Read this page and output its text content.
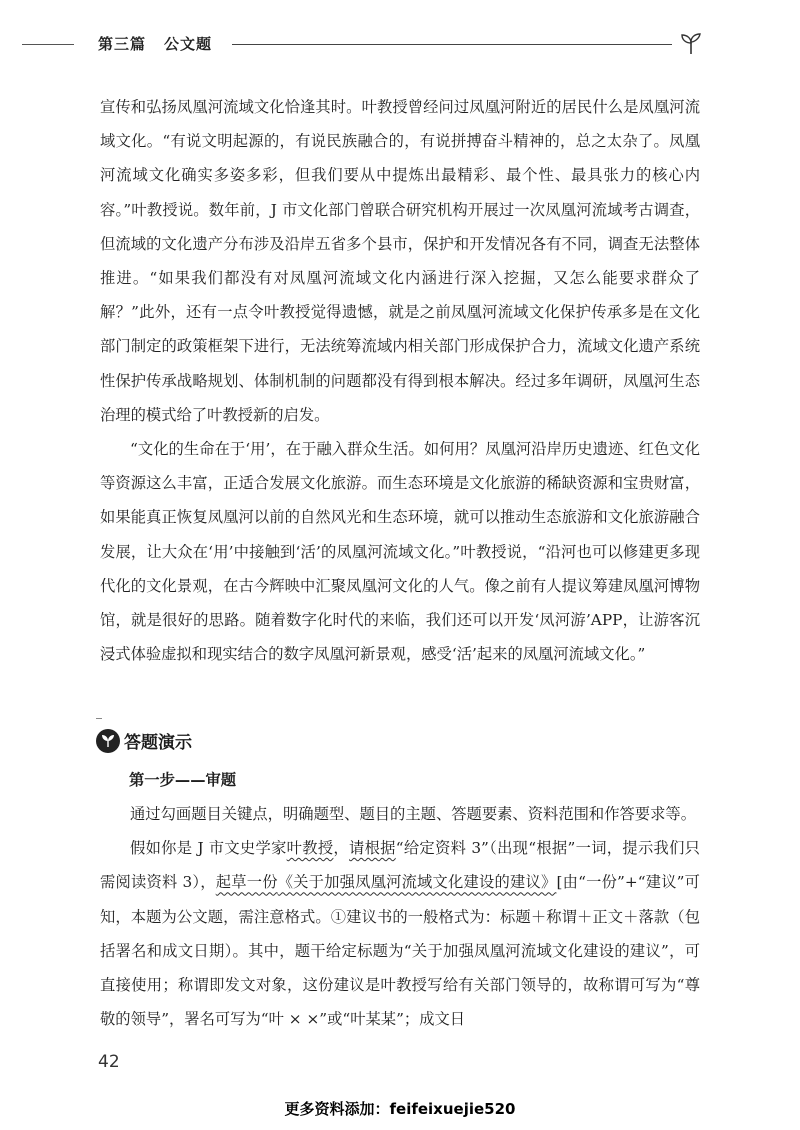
第三篇 公文题

宣传和弘扬凤凰河流域文化恰逢其时。叶教授曾经问过凤凰河附近的居民什么是凤凰河流域文化。“有说文明起源的，有说民族融合的，有说拼搏奋斗精神的，总之太杂了。凤凰河流域文化确实多姿多彩，但我们要从中提炼出最精彩、最个性、最具张力的核心内容。”叶教授说。数年前，J 市文化部门曾联合研究机构开展过一次凤凰河流域考古调查，但流域的文化遗产分布涉及沿岸五省多个县市，保护和开发情况各有不同，调查无法整体推进。“如果我们都没有对凤凰河流域文化内涵进行深入挖掘，又怎么能要求群众了解？”此外，还有一点令叶教授觉得遗憾，就是之前凤凰河流域文化保护传承多是在文化部门制定的政策框架下进行，无法统筹流域内相关部门形成保护合力，流域文化遗产系统性保护传承战略规划、体制机制的问题都没有得到根本解决。经过多年调研，凤凰河生态治理的模式给了叶教授新的启发。

“文化的生命在于‘用’，在于融入群众生活。如何用？凤凰河沿岸历史遗迹、红色文化等资源这么丰富，正适合发展文化旅游。而生态环境是文化旅游的稀缺资源和宝贵财富，如果能真正恢复凤凰河以前的自然风光和生态环境，就可以推动生态旅游和文化旅游融合发展，让大众在‘用’中接触到‘活’的凤凰河流域文化。”叶教授说，“沿河也可以修建更多现代化的文化景观，在古今辉映中汇聚凤凰河文化的人气。像之前有人提议筹建凤凰河博物馆，就是很好的思路。随着数字化时代的来临，我们还可以开发‘凤河游’APP，让游客沉浸式体验虚拟和现实结合的数字凤凰河新景观，感受‘活’起来的凤凰河流域文化。”

答题演示
第一步——审题

通过勾画题目关键点，明确题型、题目的主题、答题要素、资料范围和作答要求等。

假如你是 J 市文史学家叶教授，请根据“给定资料 3”（出现“根据”一词，提示我们只需阅读资料 3），起草一份《关于加强凤凰河流域文化建设的建议》[由“一份”+“建议”可知，本题为公文题，需注意格式。①建议书的一般格式为：标题＋称谓＋正文＋落款（包括署名和成文日期）。其中，题干给定标题为“关于加强凤凰河流域文化建设的建议”，可直接使用；称谓即发文对象，这份建议是叶教授写给有关部门领导的，故称谓可写为“尊敬的领导”，署名可写为“叶 × ×”或“叶某某”；成文日

42
更多资料添加：feifeixuejie520
